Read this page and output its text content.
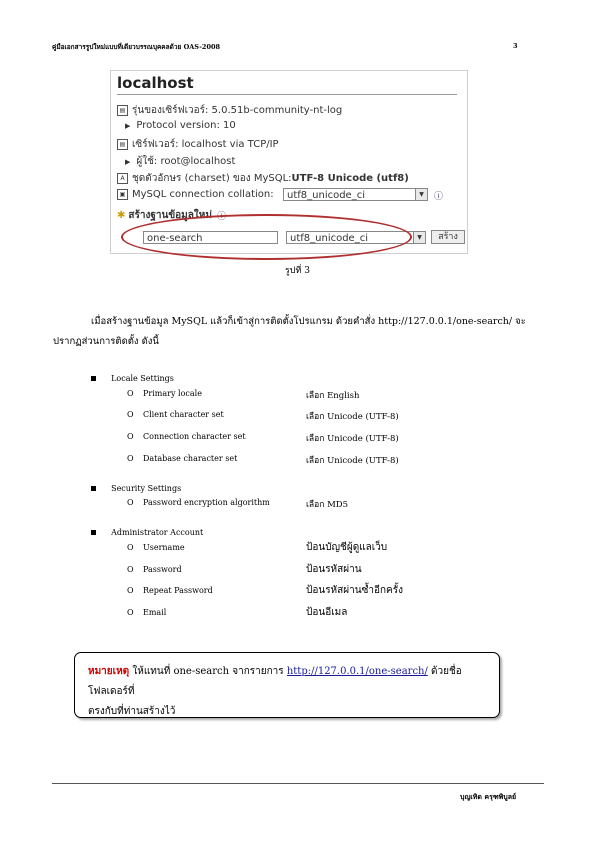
คู่มือเอกสารรูปใหม่แบบที่เดียวบรรณบุคคลด้วย OAS-2008	3
localhost
▤ รุ่นของเซิร์ฟเวอร์: 5.0.51b-community-nt-log
▶ Protocol version: 10
▤ เซิร์ฟเวอร์: localhost via TCP/IP
▶ ผู้ใช้: root@localhost
A ชุดตัวอักษร (charset) ของ MySQL: UTF-8 Unicode (utf8)
▣ MySQL connection collation:	utf8_unicode_ci	▼	ⓘ
✱ สร้างฐานข้อมูลใหม่ ⓘ
one-search	utf8_unicode_ci	▼	สร้าง
รูปที่ 3
เมื่อสร้างฐานข้อมูล MySQL แล้วก็เข้าสู่การติดตั้งโปรแกรม ด้วยคำสั่ง http://127.0.0.1/one-search/ จะ
ปรากฏส่วนการติดตั้ง ดังนี้
Locale Settings
O Primary locale	เลือก English
O Client character set	เลือก Unicode (UTF-8)
O Connection character set	เลือก Unicode (UTF-8)
O Database character set	เลือก Unicode (UTF-8)
Security Settings
O Password encryption algorithm	เลือก MD5
Administrator Account
O Username	ป้อนบัญชีผู้ดูแลเว็บ
O Password	ป้อนรหัสผ่าน
O Repeat Password	ป้อนรหัสผ่านซ้ำอีกครั้ง
O Email	ป้อนอีเมล
หมายเหตุ ให้แทนที่ one-search จากรายการ http://127.0.0.1/one-search/ ด้วยชื่อโฟลเดอร์ที่
ตรงกับที่ท่านสร้างไว้
บุญเทิด ครุฑพิบูลย์
